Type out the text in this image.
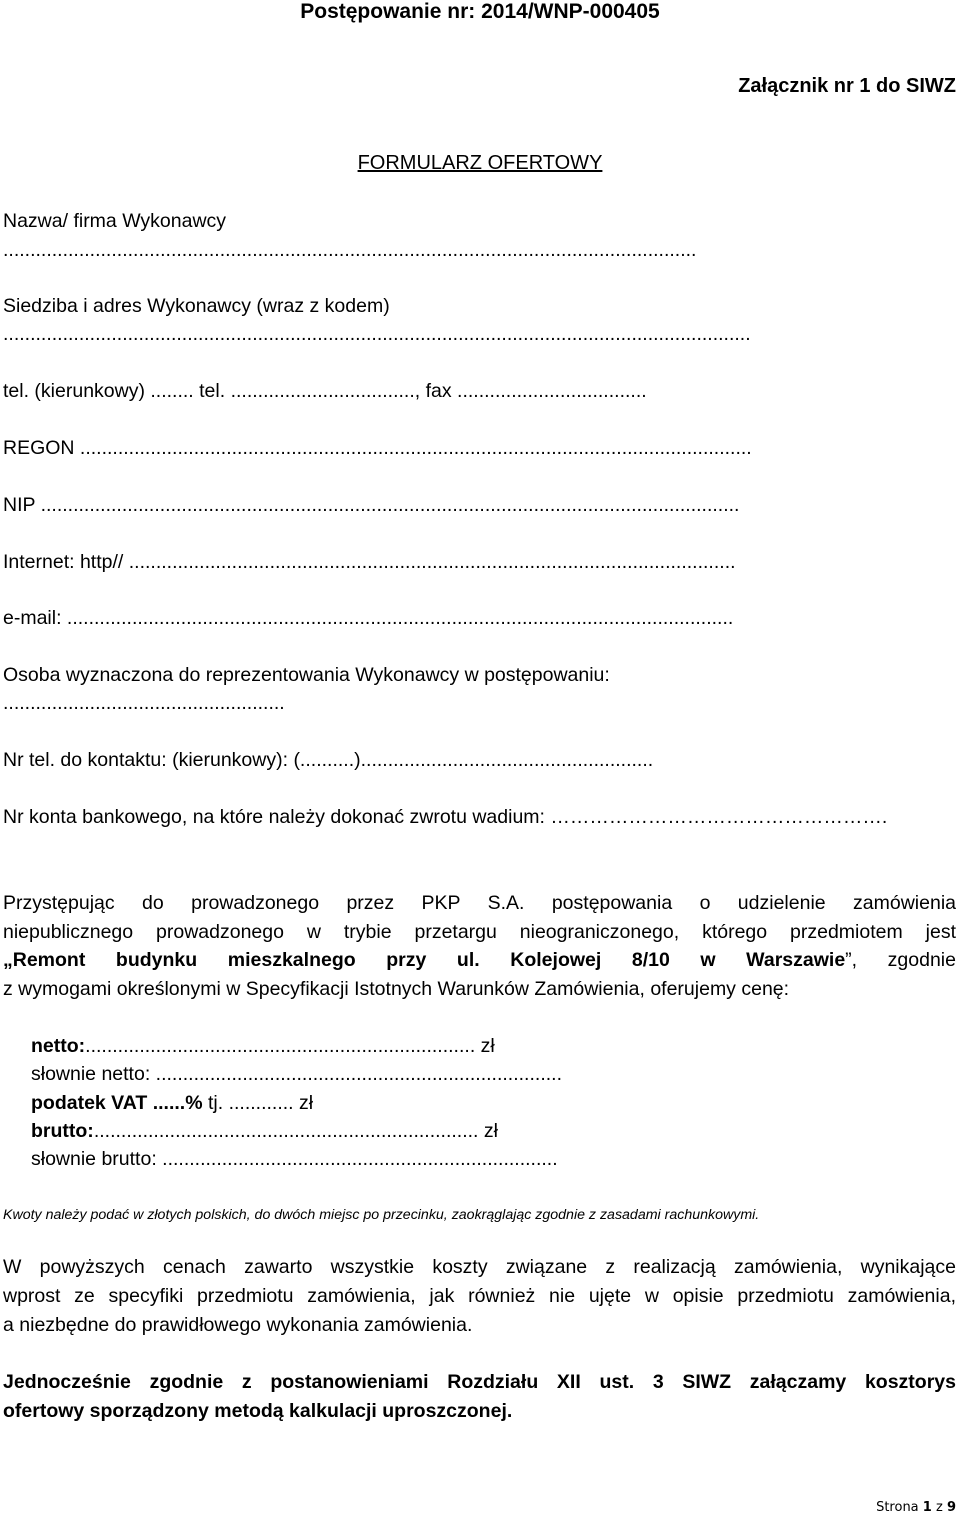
Postępowanie nr: 2014/WNP-000405
Załącznik nr 1 do SIWZ
FORMULARZ OFERTOWY
Nazwa/ firma Wykonawcy
................................................................................................................................
Siedziba i adres Wykonawcy (wraz z kodem)
..........................................................................................................................................
tel. (kierunkowy) ........ tel. .................................., fax ...................................
REGON ............................................................................................................................
NIP .................................................................................................................................
Internet: http// ................................................................................................................
e-mail: ...........................................................................................................................
Osoba wyznaczona do reprezentowania Wykonawcy w postępowaniu:
....................................................
Nr tel. do kontaktu: (kierunkowy): (..........)......................................................
Nr konta bankowego, na które należy dokonać zwrotu wadium: …………………………………………….
Przystępując do prowadzonego przez PKP S.A. postępowania o udzielenie zamówienia
niepublicznego prowadzonego w trybie przetargu nieograniczonego, którego przedmiotem jest
„Remont budynku mieszkalnego przy ul. Kolejowej 8/10 w Warszawie”, zgodnie
z wymogami określonymi w Specyfikacji Istotnych Warunków Zamówienia, oferujemy cenę:
netto:........................................................................ zł
słownie netto: ...........................................................................
podatek VAT ......% tj. ............ zł
brutto:....................................................................... zł
słownie brutto: .........................................................................
Kwoty należy podać w złotych polskich, do dwóch miejsc po przecinku, zaokrąglając zgodnie z zasadami rachunkowymi.
W powyższych cenach zawarto wszystkie koszty związane z realizacją zamówienia, wynikające
wprost ze specyfiki przedmiotu zamówienia, jak również nie ujęte w opisie przedmiotu zamówienia,
a niezbędne do prawidłowego wykonania zamówienia.
Jednocześnie zgodnie z postanowieniami Rozdziału XII ust. 3 SIWZ załączamy kosztorys
ofertowy sporządzony metodą kalkulacji uproszczonej.
Strona 1 z 9
